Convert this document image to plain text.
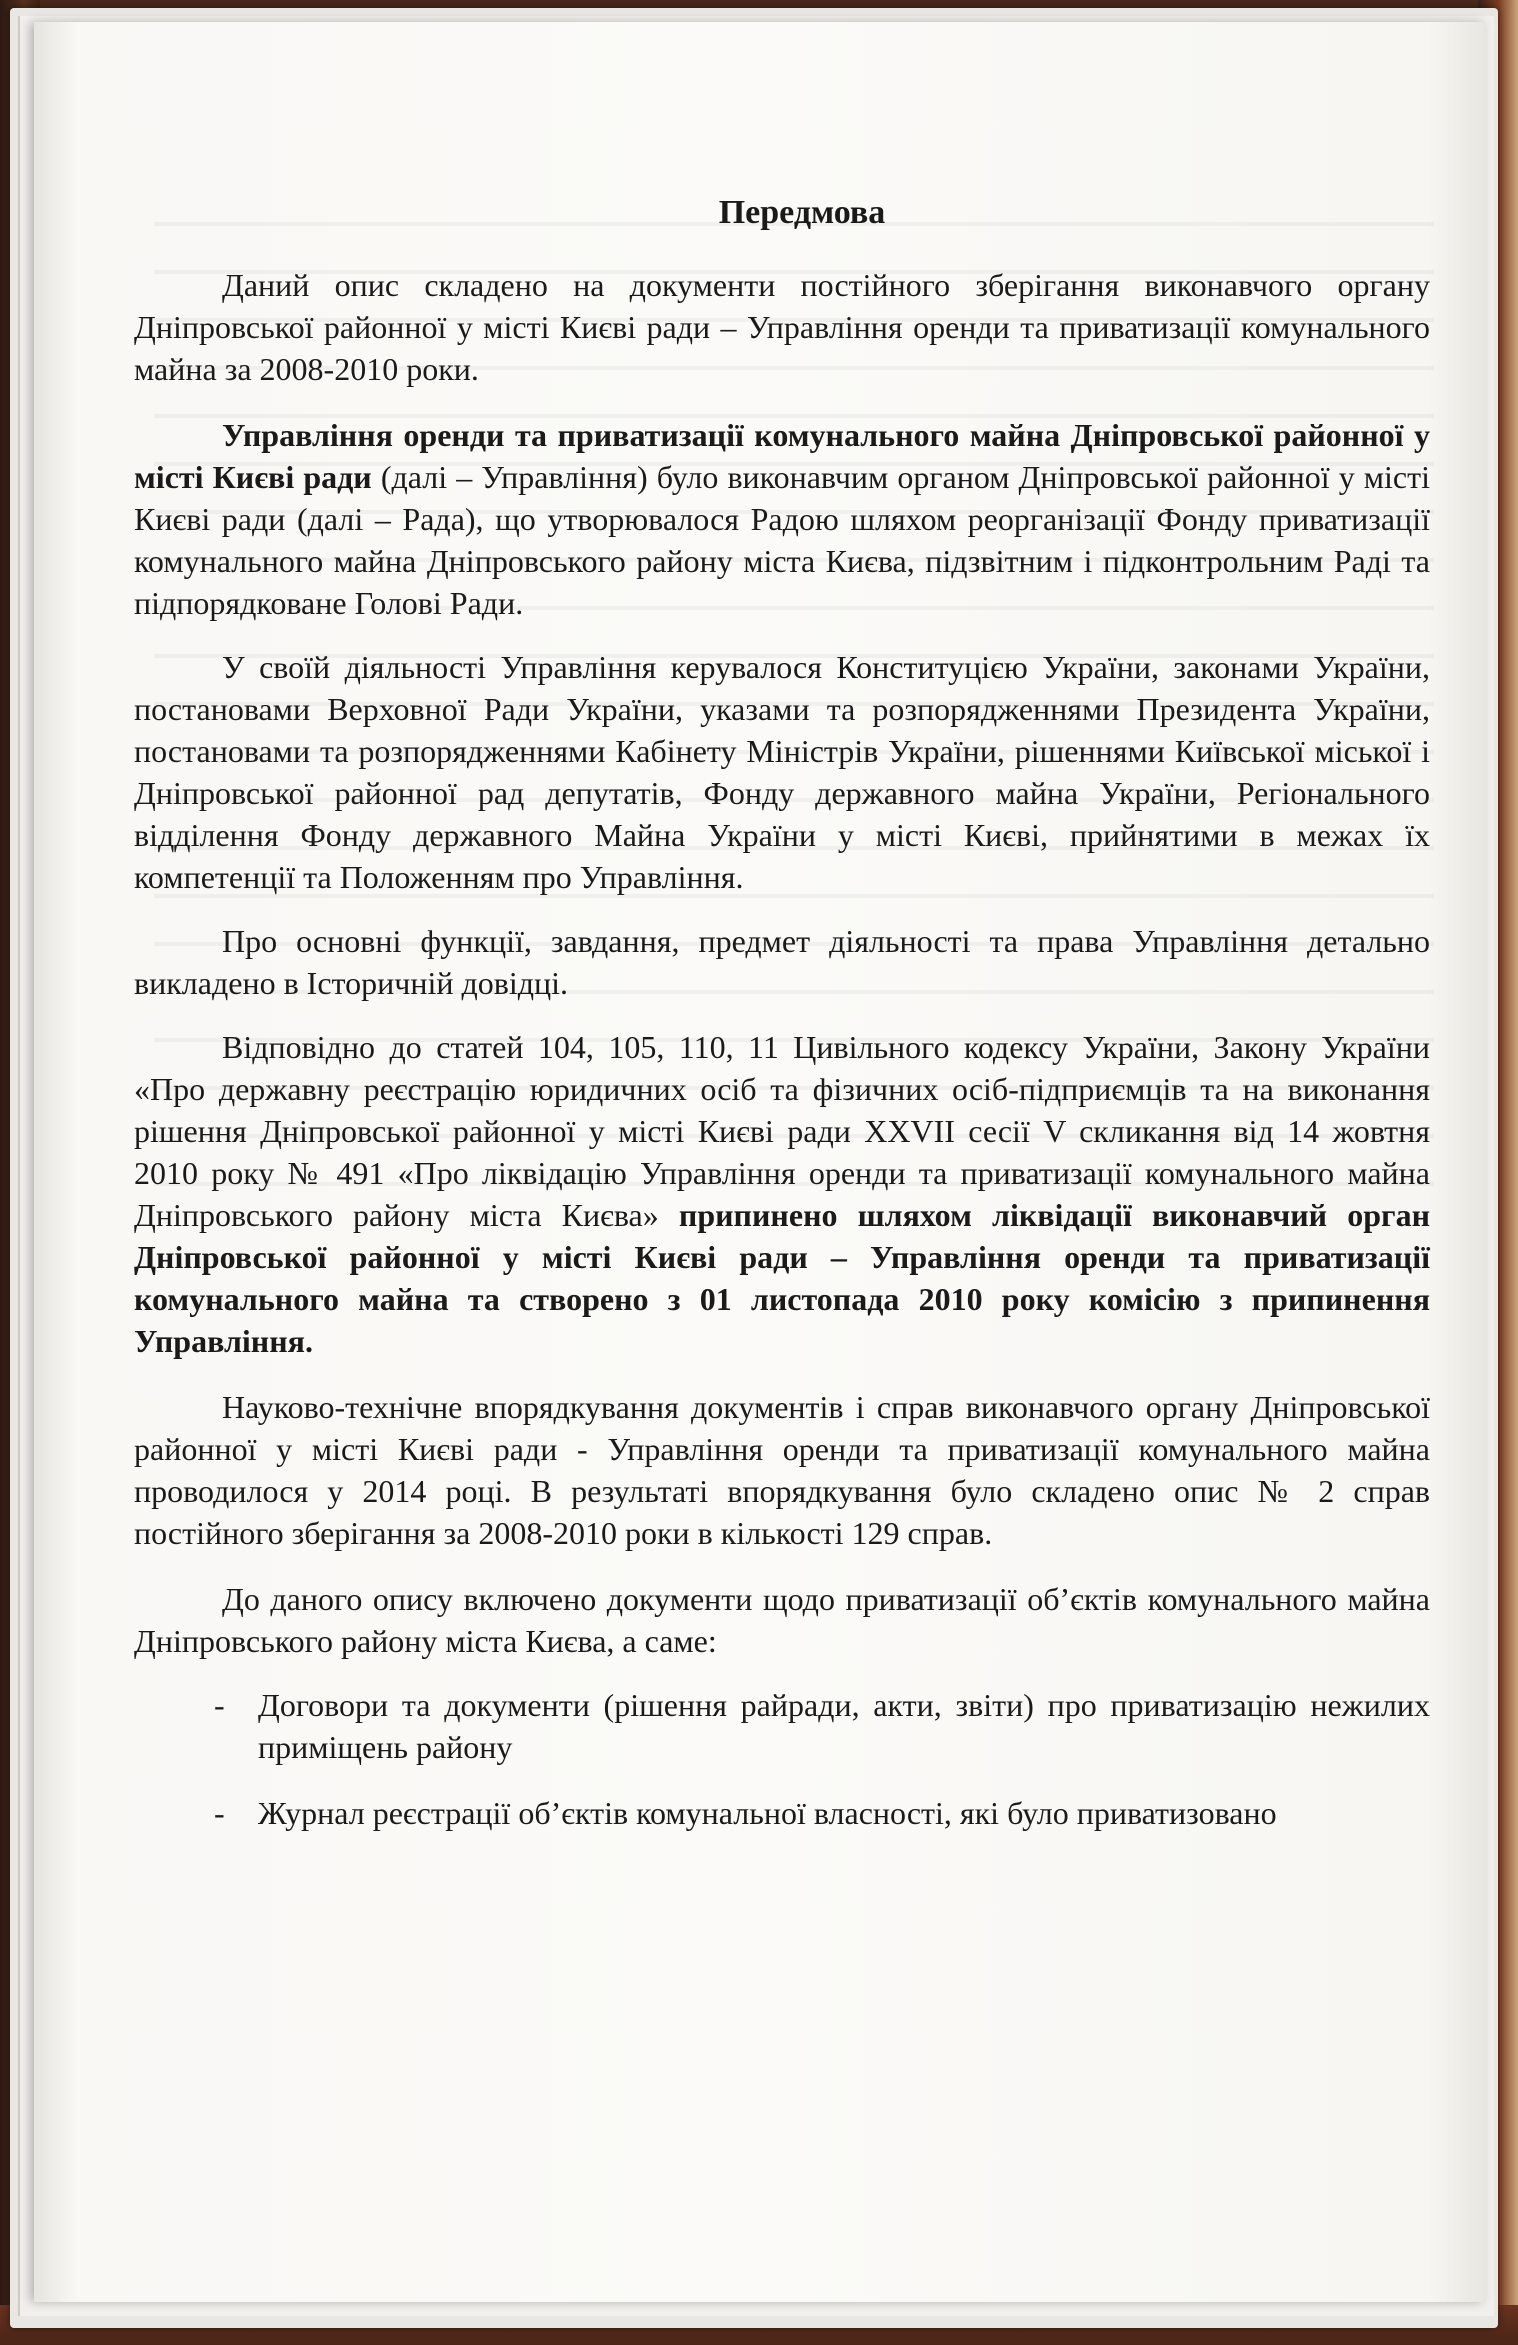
Передмова

Даний опис складено на документи постійного зберігання виконавчого органу Дніпровської районної у місті Києві ради – Управління оренди та приватизації комунального майна за 2008-2010 роки.

Управління оренди та приватизації комунального майна Дніпровської районної у місті Києві ради (далі – Управління) було виконавчим органом Дніпровської районної у місті Києві ради (далі – Рада), що утворювалося Радою шляхом реорганізації Фонду приватизації комунального майна Дніпровського району міста Києва, підзвітним і підконтрольним Раді та підпорядковане Голові Ради.

У своїй діяльності Управління керувалося Конституцією України, законами України, постановами Верховної Ради України, указами та розпорядженнями Президента України, постановами та розпорядженнями Кабінету Міністрів України, рішеннями Київської міської і Дніпровської районної рад депутатів, Фонду державного майна України, Регіонального відділення Фонду державного Майна України у місті Києві, прийнятими в межах їх компетенції та Положенням про Управління.

Про основні функції, завдання, предмет діяльності та права Управління детально викладено в Історичній довідці.

Відповідно до статей 104, 105, 110, 11 Цивільного кодексу України, Закону України «Про державну реєстрацію юридичних осіб та фізичних осіб-підприємців та на виконання рішення Дніпровської районної у місті Києві ради XXVII сесії V скликання від 14 жовтня 2010 року № 491 «Про ліквідацію Управління оренди та приватизації комунального майна Дніпровського району міста Києва» припинено шляхом ліквідації виконавчий орган Дніпровської районної у місті Києві ради – Управління оренди та приватизації комунального майна та створено з 01 листопада 2010 року комісію з припинення Управління.

Науково-технічне впорядкування документів і справ виконавчого органу Дніпровської районної у місті Києві ради - Управління оренди та приватизації комунального майна проводилося у 2014 році. В результаті впорядкування було складено опис № 2 справ постійного зберігання за 2008-2010 роки в кількості 129 справ.

До даного опису включено документи щодо приватизації об’єктів комунального майна Дніпровського району міста Києва, а саме:

- Договори та документи (рішення райради, акти, звіти) про приватизацію нежилих приміщень району
- Журнал реєстрації об’єктів комунальної власності, які було приватизовано
